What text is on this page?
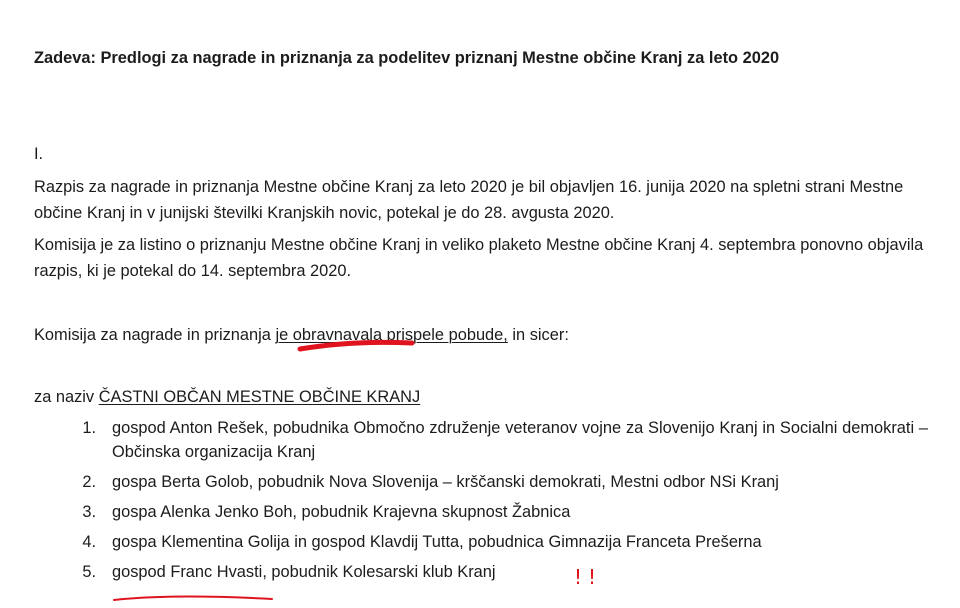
Zadeva: Predlogi za nagrade in priznanja za podelitev priznanj Mestne občine Kranj za leto 2020
I.
Razpis za nagrade in priznanja Mestne občine Kranj za leto 2020 je bil objavljen 16. junija 2020 na spletni strani Mestne občine Kranj in v junijski številki Kranjskih novic, potekal je do 28. avgusta 2020.
Komisija je za listino o priznanju Mestne občine Kranj in veliko plaketo Mestne občine Kranj 4. septembra ponovno objavila razpis, ki je potekal do 14. septembra 2020.
Komisija za nagrade in priznanja je obravnavala prispele pobude, in sicer:
za naziv ČASTNI OBČAN MESTNE OBČINE KRANJ
1. gospod Anton Rešek, pobudnika Območno združenje veteranov vojne za Slovenijo Kranj in Socialni demokrati – Občinska organizacija Kranj
2. gospa Berta Golob, pobudnik Nova Slovenija – krščanski demokrati, Mestni odbor NSi Kranj
3. gospa Alenka Jenko Boh, pobudnik Krajevna skupnost Žabnica
4. gospa Klementina Golija in gospod Klavdij Tutta, pobudnica Gimnazija Franceta Prešerna
5. gospod Franc Hvasti, pobudnik Kolesarski klub Kranj	!!
